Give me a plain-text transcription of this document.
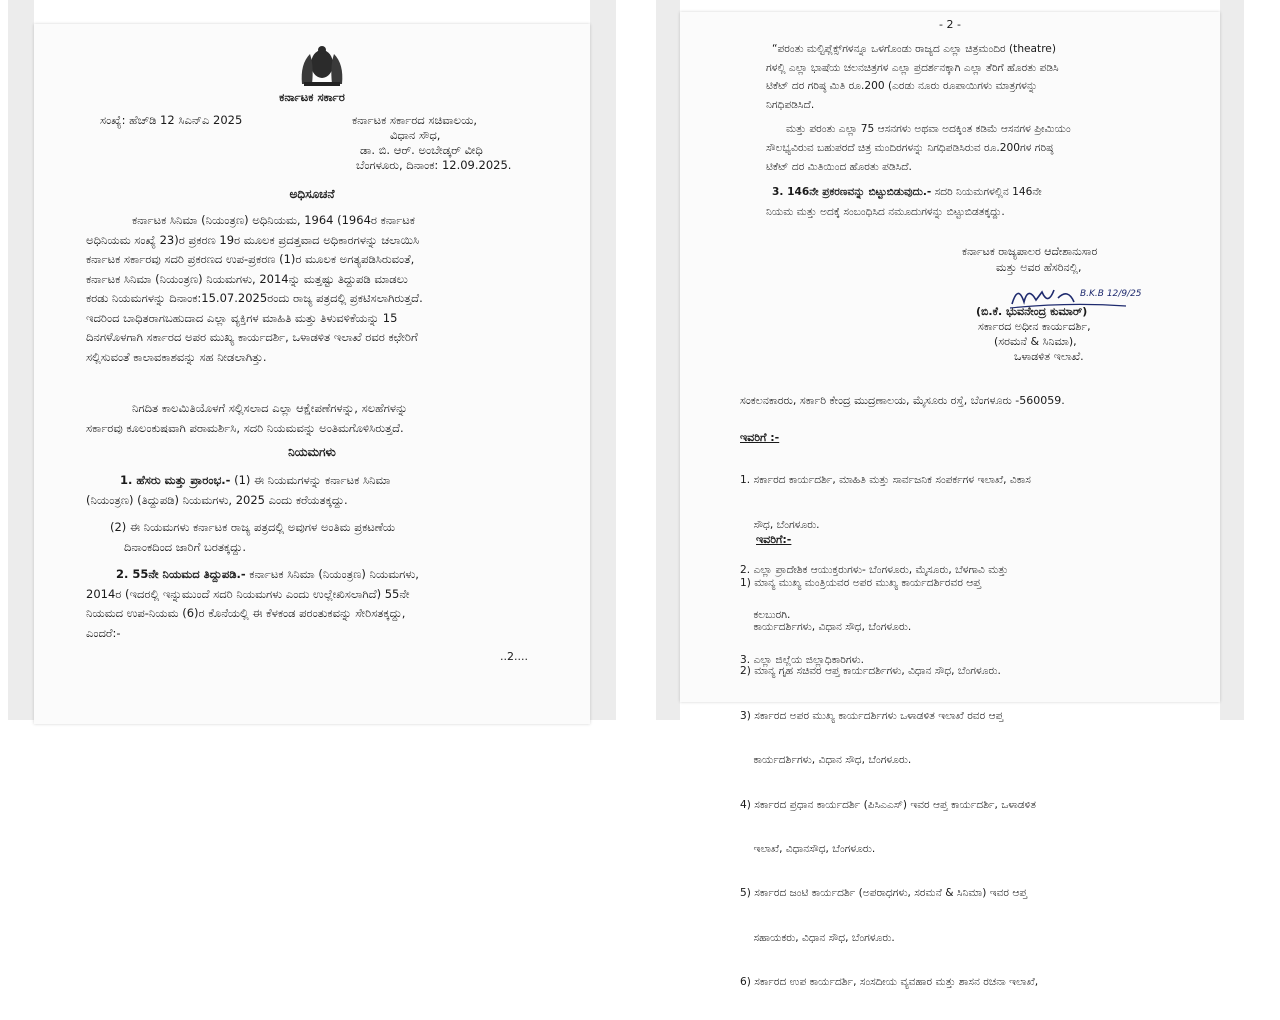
ಕರ್ನಾಟಕ ಸರ್ಕಾರ

ಸಂಖ್ಯೆ: ಹೆಚ್‌ಡಿ 12 ಸಿಎನ್‌ಎ 2025	ಕರ್ನಾಟಕ ಸರ್ಕಾರದ ಸಚಿವಾಲಯ,

ವಿಧಾನ ಸೌಧ,

ಡಾ. ಬಿ. ಆರ್. ಅಂಬೇಡ್ಕರ್ ವೀಧಿ

ಬೆಂಗಳೂರು, ದಿನಾಂಕ: 12.09.2025.

ಅಧಿಸೂಚನೆ

ಕರ್ನಾಟಕ ಸಿನಿಮಾ (ನಿಯಂತ್ರಣ) ಅಧಿನಿಯಮ, 1964 (1964ರ ಕರ್ನಾಟಕ
ಅಧಿನಿಯಮ ಸಂಖ್ಯೆ 23)ರ ಪ್ರಕರಣ 19ರ ಮೂಲಕ ಪ್ರದತ್ತವಾದ ಅಧಿಕಾರಗಳನ್ನು ಚಲಾಯಿಸಿ
ಕರ್ನಾಟಕ ಸರ್ಕಾರವು ಸದರಿ ಪ್ರಕರಣದ ಉಪ-ಪ್ರಕರಣ (1)ರ ಮೂಲಕ ಅಗತ್ಯಪಡಿಸಿರುವಂತೆ,
ಕರ್ನಾಟಕ ಸಿನಿಮಾ (ನಿಯಂತ್ರಣ) ನಿಯಮಗಳು, 2014ನ್ನು ಮತ್ತಷ್ಟು ತಿದ್ದುಪಡಿ ಮಾಡಲು
ಕರಡು ನಿಯಮಗಳನ್ನು ದಿನಾಂಕ:15.07.2025ರಂದು ರಾಜ್ಯ ಪತ್ರದಲ್ಲಿ ಪ್ರಕಟಿಸಲಾಗಿರುತ್ತದೆ.
ಇದರಿಂದ ಬಾಧಿತರಾಗಬಹುದಾದ ಎಲ್ಲಾ ವ್ಯಕ್ತಿಗಳ ಮಾಹಿತಿ ಮತ್ತು ತಿಳುವಳಿಕೆಯನ್ನು 15
ದಿನಗಳೊಳಗಾಗಿ ಸರ್ಕಾರದ ಅಪರ ಮುಖ್ಯ ಕಾರ್ಯದರ್ಶಿ, ಒಳಾಡಳಿತ ಇಲಾಖೆ ರವರ ಕಛೇರಿಗೆ
ಸಲ್ಲಿಸುವಂತೆ ಕಾಲಾವಕಾಶವನ್ನು ಸಹ ನೀಡಲಾಗಿತ್ತು.
ನಿಗದಿತ ಕಾಲಮಿತಿಯೊಳಗೆ ಸಲ್ಲಿಸಲಾದ ಎಲ್ಲಾ ಆಕ್ಷೇಪಣೆಗಳನ್ನು, ಸಲಹೆಗಳನ್ನು
ಸರ್ಕಾರವು ಕೂಲಂಕುಷವಾಗಿ ಪರಾಮರ್ಶಿಸಿ, ಸದರಿ ನಿಯಮವನ್ನು ಅಂತಿಮಗೊಳಿಸಿರುತ್ತದೆ.

ನಿಯಮಗಳು

1. ಹೆಸರು ಮತ್ತು ಪ್ರಾರಂಭ.- (1) ಈ ನಿಯಮಗಳನ್ನು ಕರ್ನಾಟಕ ಸಿನಿಮಾ
(ನಿಯಂತ್ರಣ) (ತಿದ್ದುಪಡಿ) ನಿಯಮಗಳು, 2025 ಎಂದು ಕರೆಯತಕ್ಕದ್ದು.
(2) ಈ ನಿಯಮಗಳು ಕರ್ನಾಟಕ ರಾಜ್ಯ ಪತ್ರದಲ್ಲಿ ಅವುಗಳ ಅಂತಿಮ ಪ್ರಕಟಣೆಯ
ದಿನಾಂಕದಿಂದ ಜಾರಿಗೆ ಬರತಕ್ಕದ್ದು.
2. 55ನೇ ನಿಯಮದ ತಿದ್ದುಪಡಿ.- ಕರ್ನಾಟಕ ಸಿನಿಮಾ (ನಿಯಂತ್ರಣ) ನಿಯಮಗಳು,
2014ರ (ಇದರಲ್ಲಿ ಇನ್ನುಮುಂದೆ ಸದರಿ ನಿಯಮಗಳು ಎಂದು ಉಲ್ಲೇಖಿಸಲಾಗಿದೆ) 55ನೇ
ನಿಯಮದ ಉಪ-ನಿಯಮ (6)ರ ಕೊನೆಯಲ್ಲಿ ಈ ಕೆಳಕಂಡ ಪರಂತುಕವನ್ನು ಸೇರಿಸತಕ್ಕದ್ದು,
ಎಂದರೆ:-

..2....

- 2 -

“ಪರಂತು ಮಲ್ಟಿಪ್ಲೆಕ್ಸ್‌ಗಳನ್ನೂ ಒಳಗೊಂಡು ರಾಜ್ಯದ ಎಲ್ಲಾ ಚಿತ್ರಮಂದಿರ (theatre)
ಗಳಲ್ಲಿ ಎಲ್ಲಾ ಭಾಷೆಯ ಚಲನಚಿತ್ರಗಳ ಎಲ್ಲಾ ಪ್ರದರ್ಶನಕ್ಕಾಗಿ ಎಲ್ಲಾ ತೆರಿಗೆ ಹೊರತು ಪಡಿಸಿ
ಟಿಕೆಟ್ ದರ ಗರಿಷ್ಠ ಮಿತಿ ರೂ.200 (ಎರಡು ನೂರು ರೂಪಾಯಿಗಳು ಮಾತ್ರಗಳನ್ನು
ನಿಗಧಿಪಡಿಸಿದೆ.
ಮತ್ತು ಪರಂತು ಎಲ್ಲಾ 75 ಆಸನಗಳು ಅಥವಾ ಅದಕ್ಕಿಂತ ಕಡಿಮೆ ಆಸನಗಳ ಪ್ರೀಮಿಯಂ
ಸೌಲಭ್ಯವಿರುವ ಬಹುಪರದೆ ಚಿತ್ರ ಮಂದಿರಗಳನ್ನು ನಿಗಧಿಪಡಿಸಿರುವ ರೂ.200ಗಳ ಗರಿಷ್ಠ
ಟಿಕೆಟ್ ದರ ಮಿತಿಯಿಂದ ಹೊರತು ಪಡಿಸಿದೆ.
3. 146ನೇ ಪ್ರಕರಣವನ್ನು ಬಿಟ್ಟುಬಿಡುವುದು.- ಸದರಿ ನಿಯಮಗಳಲ್ಲಿನ 146ನೇ
ನಿಯಮ ಮತ್ತು ಅದಕ್ಕೆ ಸಂಬಂಧಿಸಿದ ನಮೂದುಗಳನ್ನು ಬಿಟ್ಟುಬಿಡತಕ್ಕದ್ದು.

ಕರ್ನಾಟಕ ರಾಜ್ಯಪಾಲರ ಆದೇಶಾನುಸಾರ

ಮತ್ತು ಅವರ ಹೆಸರಿನಲ್ಲಿ,

B.K.B 12/9/25

(ಬಿ.ಕೆ. ಭುವನೇಂದ್ರ ಕುಮಾರ್)

ಸರ್ಕಾರದ ಅಧೀನ ಕಾರ್ಯದರ್ಶಿ,

(ಸರಮನೆ & ಸಿನಿಮಾ),

ಒಳಾಡಳಿತ ಇಲಾಖೆ.

ಸಂಕಲನಕಾರರು, ಸರ್ಕಾರಿ ಕೇಂದ್ರ ಮುದ್ರಣಾಲಯ, ಮೈಸೂರು ರಸ್ತೆ, ಬೆಂಗಳೂರು -560059.

ಇವರಿಗೆ :-

1. ಸರ್ಕಾರದ ಕಾರ್ಯದರ್ಶಿ, ಮಾಹಿತಿ ಮತ್ತು ಸಾರ್ವಜನಿಕ ಸಂಪರ್ಕಗಳ ಇಲಾಖೆ, ವಿಕಾಸ

ಸೌಧ, ಬೆಂಗಳೂರು.

2. ಎಲ್ಲಾ ಪ್ರಾದೇಶಿಕ ಆಯುಕ್ತರುಗಳು- ಬೆಂಗಳೂರು, ಮೈಸೂರು, ಬೆಳಗಾವಿ ಮತ್ತು

ಕಲಬುರಗಿ.

3. ಎಲ್ಲಾ ಜಿಲ್ಲೆಯ ಜಿಲ್ಲಾಧಿಕಾರಿಗಳು.

ಇವರಿಗೆ:-

1) ಮಾನ್ಯ ಮುಖ್ಯ ಮಂತ್ರಿಯವರ ಅಪರ ಮುಖ್ಯ ಕಾರ್ಯದರ್ಶಿರವರ ಆಪ್ತ

ಕಾರ್ಯದರ್ಶಿಗಳು, ವಿಧಾನ ಸೌಧ, ಬೆಂಗಳೂರು.

2) ಮಾನ್ಯ ಗೃಹ ಸಚಿವರ ಆಪ್ತ ಕಾರ್ಯದರ್ಶಿಗಳು, ವಿಧಾನ ಸೌಧ, ಬೆಂಗಳೂರು.

3) ಸರ್ಕಾರದ ಅಪರ ಮುಖ್ಯ ಕಾರ್ಯದರ್ಶಿಗಳು ಒಳಾಡಳಿತ ಇಲಾಖೆ ರವರ ಆಪ್ತ

ಕಾರ್ಯದರ್ಶಿಗಳು, ವಿಧಾನ ಸೌಧ, ಬೆಂಗಳೂರು.

4) ಸರ್ಕಾರದ ಪ್ರಧಾನ ಕಾರ್ಯದರ್ಶಿ (ಪಿಸಿಎಎಸ್) ಇವರ ಆಪ್ತ ಕಾರ್ಯದರ್ಶಿ, ಒಳಾಡಳಿತ

ಇಲಾಖೆ, ವಿಧಾನಸೌಧ, ಬೆಂಗಳೂರು.

5) ಸರ್ಕಾರದ ಜಂಟಿ ಕಾರ್ಯದರ್ಶಿ (ಅಪರಾಧಗಳು, ಸರಮನೆ & ಸಿನಿಮಾ) ಇವರ ಆಪ್ತ

ಸಹಾಯಕರು, ವಿಧಾನ ಸೌಧ, ಬೆಂಗಳೂರು.

6) ಸರ್ಕಾರದ ಉಪ ಕಾರ್ಯದರ್ಶಿ, ಸಂಸದೀಯ ವ್ಯವಹಾರ ಮತ್ತು ಶಾಸನ ರಚನಾ ಇಲಾಖೆ,
